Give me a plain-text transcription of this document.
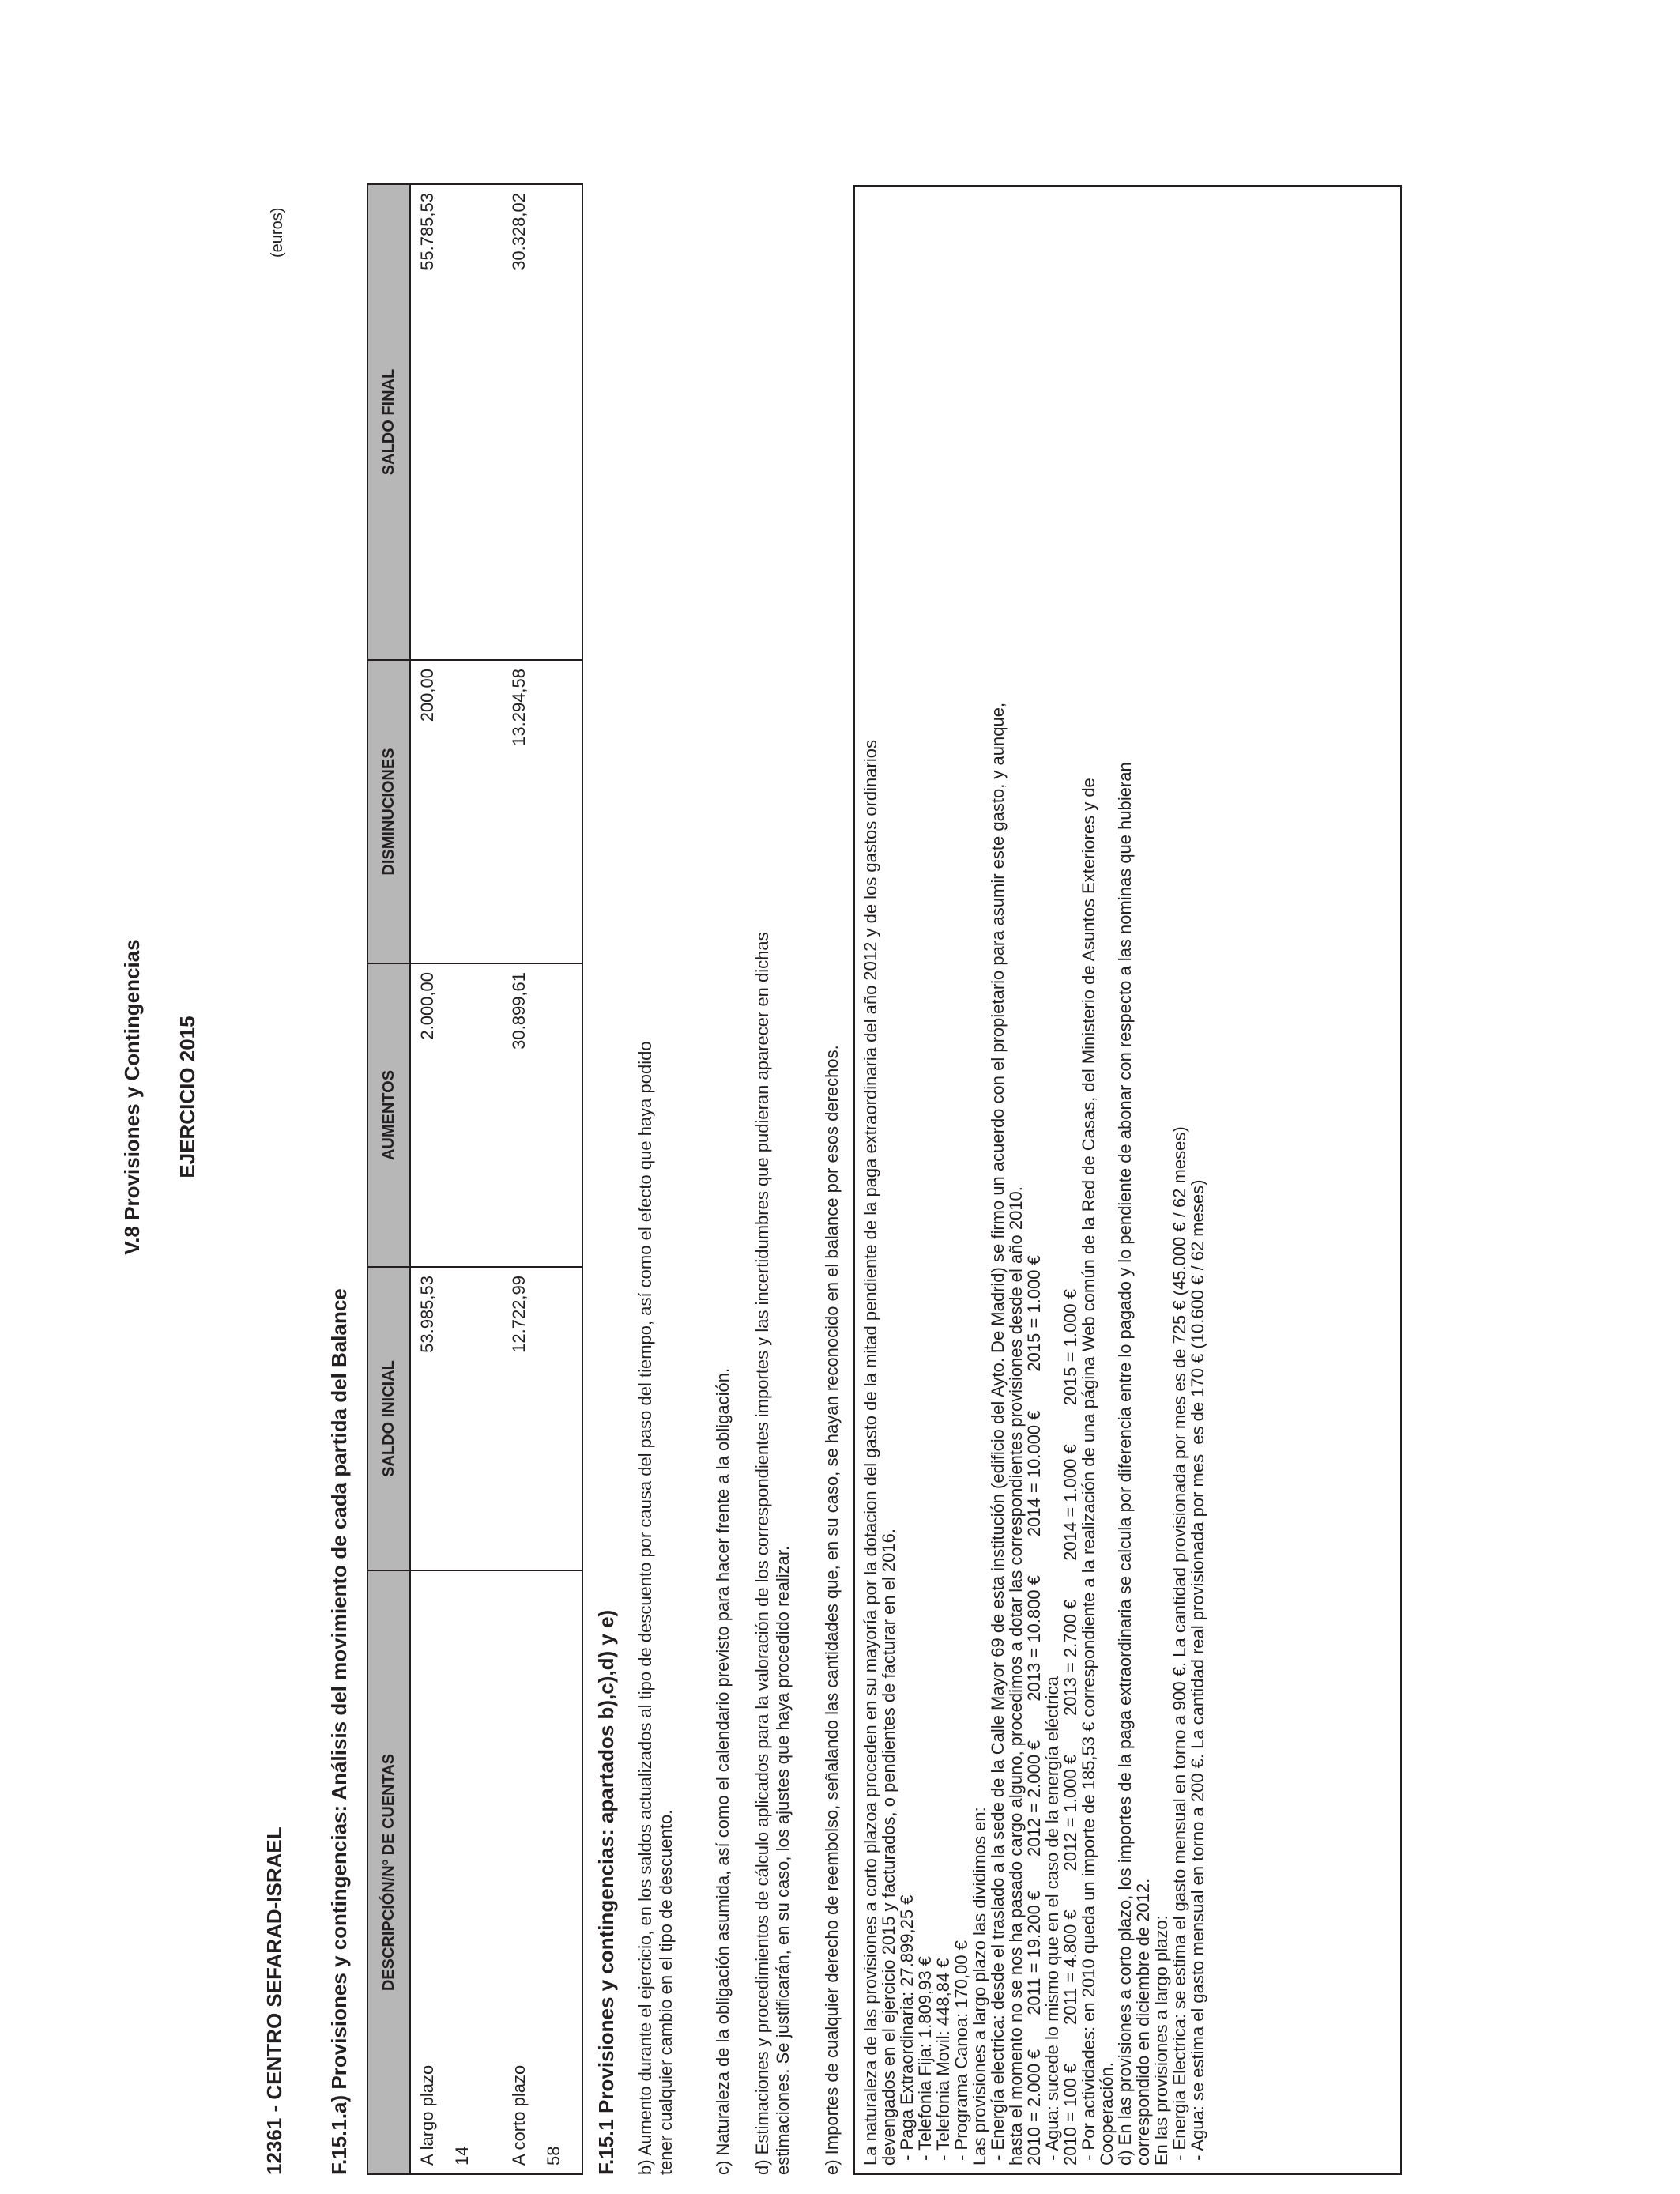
V.8 Provisiones y Contingencias EJERCICIO 2015
12361 - CENTRO SEFARAD-ISRAEL
(euros)
F.15.1.a) Provisiones y contingencias: Análisis del movimiento de cada partida del Balance DESCRIPCIÓN/Nº DE CUENTAS	SALDO INICIAL	AUMENTOS	DISMINUCIONES	SALDO FINAL

A largo plazo 14	53.985,53	2.000,00	200,00	55.785,53

A corto plazo 58	12.722,99	30.899,61	13.294,58	30.328,02
F.15.1 Provisiones y contingencias: apartados b),c),d) y e) b) Aumento durante el ejercicio, en los saldos actualizados al tipo de descuento por causa del paso del tiempo, así como el efecto que haya podido tener cualquier cambio en el tipo de descuento. c) Naturaleza de la obligación asumida, así como el calendario previsto para hacer frente a la obligación. d) Estimaciones y procedimientos de cálculo aplicados para la valoración de los correspondientes importes y las incertidumbres que pudieran aparecer en dichas estimaciones. Se justificarán, en su caso, los ajustes que haya procedido realizar. e) Importes de cualquier derecho de reembolso, señalando las cantidades que, en su caso, se hayan reconocido en el balance por esos derechos. La naturaleza de las provisiones a corto plazoa proceden en su mayoría por la dotacion del gasto de la mitad pendiente de la paga extraordinaria del año 2012 y de los gastos ordinarios
devengados en el ejercicio 2015 y facturados, o pendientes de facturar en el 2016.
- Paga Extraordinaria: 27.899,25 €
- Telefonia Fija: 1.809,93 €
- Telefonia Movil: 448,84 €
- Programa Canoa: 170,00 €
Las provisiones a largo plazo las dividimos en:
- Energía electrica: desde el traslado a la sede de la Calle Mayor 69 de esta institución (edificio del Ayto. De Madrid) se firmo un acuerdo con el propietario para asumir este gasto, y aunque,
hasta el momento no se nos ha pasado cargo alguno, procedimos a dotar las correspondientes provisiones desde el año 2010.
2010 = 2.000 €       2011 = 19.200 €       2012 = 2.000 €        2013 = 10.800 €        2014 = 10.000 €        2015 = 1.000 €
- Agua: sucede lo mismo que en el caso de la energía eléctrica
2010 = 100 €        2011 = 4.800 €        2012 = 1.000 €        2013 = 2.700 €        2014 = 1.000 €        2015 = 1.000 €
- Por actividades: en 2010 queda un importe de 185,53 € correspondiente a la realización de una página Web común de la Red de Casas, del Ministerio de Asuntos Exteriores y de
Cooperación.
d) En las provisiones a corto plazo, los importes de la paga extraordinaria se calcula por diferencia entre lo pagado y lo pendiente de abonar con respecto a las nominas que hubieran
correspondido en diciembre de 2012.
En las provisiones a largo plazo:
- Energia Electrica: se estima el gasto mensual en torno a 900 €. La cantidad provisionada por mes es de 725 € (45.000 € / 62 meses)
- Agua: se estima el gasto mensual en torno a 200 €. La cantidad real provisionada por mes  es de 170 € (10.600 € / 62 meses)
